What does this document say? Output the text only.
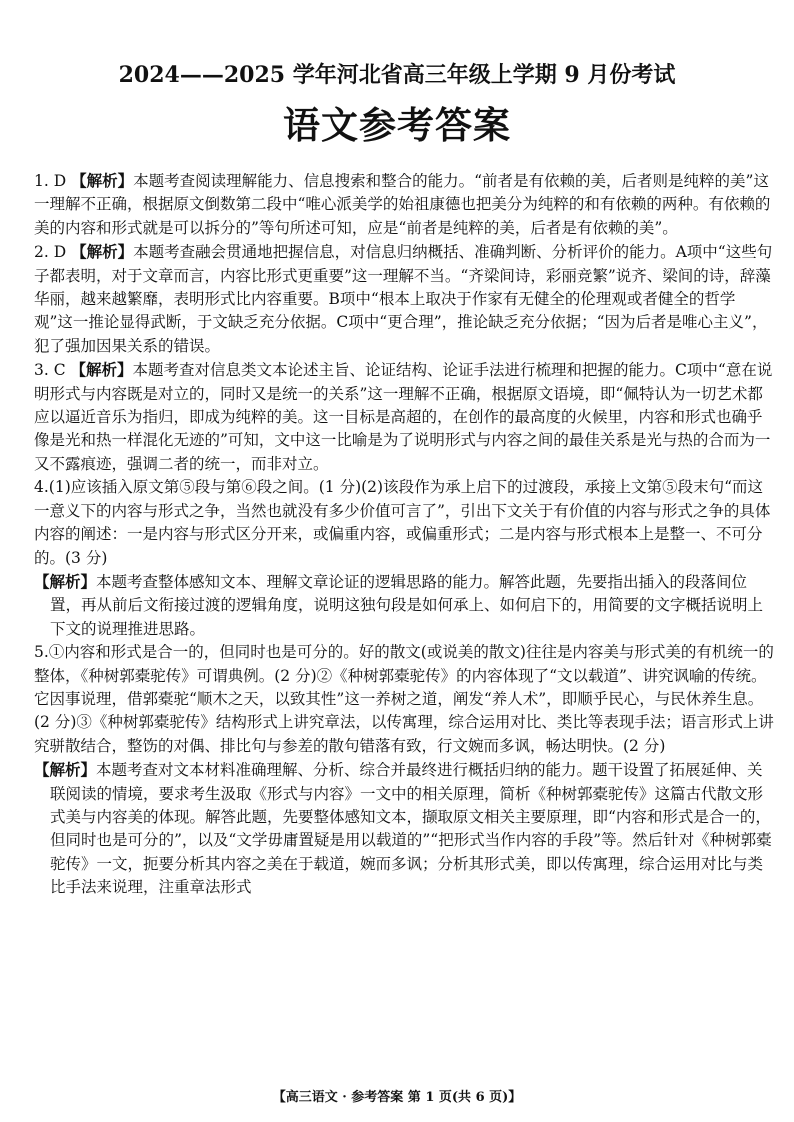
2024——2025 学年河北省高三年级上学期 9 月份考试
语文参考答案

1. D 【解析】本题考查阅读理解能力、信息搜索和整合的能力。“前者是有依赖的美，后者则是纯粹的美”这一理解不正确，根据原文倒数第二段中“唯心派美学的始祖康德也把美分为纯粹的和有依赖的两种。有依赖的美的内容和形式就是可以拆分的”等句所述可知，应是“前者是纯粹的美，后者是有依赖的美”。

2. D 【解析】本题考查融会贯通地把握信息，对信息归纳概括、准确判断、分析评价的能力。A项中“这些句子都表明，对于文章而言，内容比形式更重要”这一理解不当。“齐梁间诗，彩丽竞繁”说齐、梁间的诗，辞藻华丽，越来越繁靡，表明形式比内容重要。B项中“根本上取决于作家有无健全的伦理观或者健全的哲学观”这一推论显得武断，于文缺乏充分依据。C项中“更合理”，推论缺乏充分依据；“因为后者是唯心主义”，犯了强加因果关系的错误。

3. C 【解析】本题考查对信息类文本论述主旨、论证结构、论证手法进行梳理和把握的能力。C项中“意在说明形式与内容既是对立的，同时又是统一的关系”这一理解不正确，根据原文语境，即“佩特认为一切艺术都应以逼近音乐为指归，即成为纯粹的美。这一目标是高超的，在创作的最高度的火候里，内容和形式也确乎像是光和热一样混化无迹的”可知，文中这一比喻是为了说明形式与内容之间的最佳关系是光与热的合而为一又不露痕迹，强调二者的统一，而非对立。

4.(1)应该插入原文第⑤段与第⑥段之间。(1 分)(2)该段作为承上启下的过渡段，承接上文第⑤段末句“而这一意义下的内容与形式之争，当然也就没有多少价值可言了”，引出下文关于有价值的内容与形式之争的具体内容的阐述：一是内容与形式区分开来，或偏重内容，或偏重形式；二是内容与形式根本上是整一、不可分的。(3 分)

【解析】本题考查整体感知文本、理解文章论证的逻辑思路的能力。解答此题，先要指出插入的段落间位置，再从前后文衔接过渡的逻辑角度，说明这独句段是如何承上、如何启下的，用简要的文字概括说明上下文的说理推进思路。

5.①内容和形式是合一的，但同时也是可分的。好的散文(或说美的散文)往往是内容美与形式美的有机统一的整体，《种树郭橐驼传》可谓典例。(2 分)②《种树郭橐驼传》的内容体现了“文以载道”、讲究讽喻的传统。它因事说理，借郭橐驼“顺木之天，以致其性”这一养树之道，阐发“养人术”，即顺乎民心，与民休养生息。(2 分)③《种树郭橐驼传》结构形式上讲究章法，以传寓理，综合运用对比、类比等表现手法；语言形式上讲究骈散结合，整饬的对偶、排比句与参差的散句错落有致，行文婉而多讽，畅达明快。(2 分)

【解析】本题考查对文本材料准确理解、分析、综合并最终进行概括归纳的能力。题干设置了拓展延伸、关联阅读的情境，要求考生汲取《形式与内容》一文中的相关原理，简析《种树郭橐驼传》这篇古代散文形式美与内容美的体现。解答此题，先要整体感知文本，撷取原文相关主要原理，即“内容和形式是合一的，但同时也是可分的”，以及“文学毋庸置疑是用以载道的”“把形式当作内容的手段”等。然后针对《种树郭橐驼传》一文，扼要分析其内容之美在于载道，婉而多讽；分析其形式美，即以传寓理，综合运用对比与类比手法来说理，注重章法形式

【高三语文 · 参考答案 第 1 页(共 6 页)】
